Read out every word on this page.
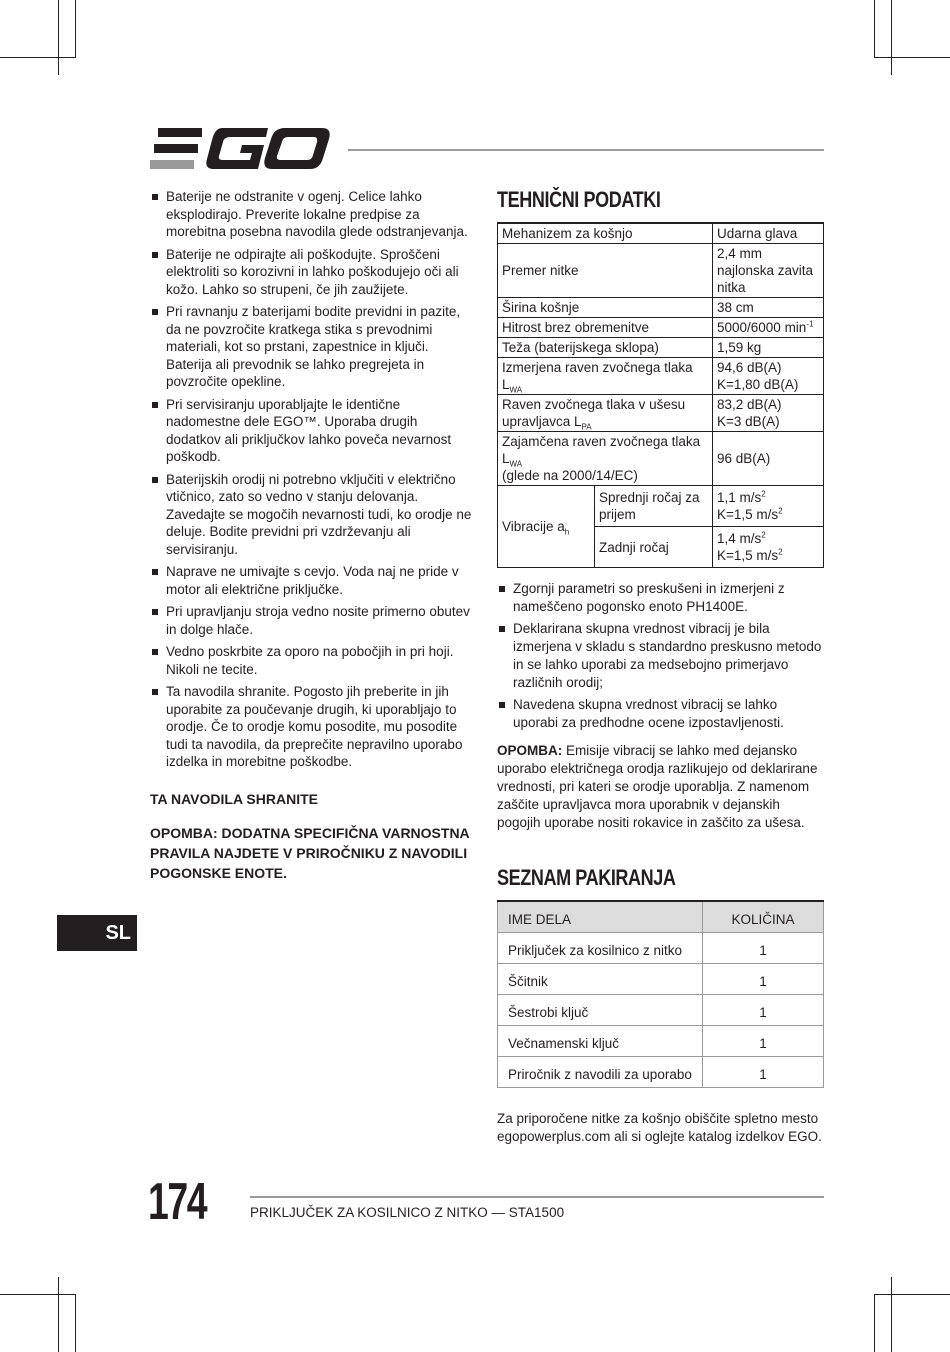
Baterije ne odstranite v ogenj. Celice lahko eksplodirajo. Preverite lokalne predpise za morebitna posebna navodila glede odstranjevanja.
Baterije ne odpirajte ali poškodujte. Sproščeni elektroliti so korozivni in lahko poškodujejo oči ali kožo. Lahko so strupeni, če jih zaužijete.
Pri ravnanju z baterijami bodite previdni in pazite, da ne povzročite kratkega stika s prevodnimi materiali, kot so prstani, zapestnice in ključi. Baterija ali prevodnik se lahko pregrejeta in povzročite opekline.
Pri servisiranju uporabljajte le identične nadomestne dele EGO™. Uporaba drugih dodatkov ali priključkov lahko poveča nevarnost poškodb.
Baterijskih orodij ni potrebno vključiti v električno vtičnico, zato so vedno v stanju delovanja. Zavedajte se mogočih nevarnosti tudi, ko orodje ne deluje. Bodite previdni pri vzdrževanju ali servisiranju.
Naprave ne umivajte s cevjo. Voda naj ne pride v motor ali električne priključke.
Pri upravljanju stroja vedno nosite primerno obutev in dolge hlače.
Vedno poskrbite za oporo na pobočjih in pri hoji. Nikoli ne tecite.
Ta navodila shranite. Pogosto jih preberite in jih uporabite za poučevanje drugih, ki uporabljajo to orodje. Če to orodje komu posodite, mu posodite tudi ta navodila, da preprečite nepravilno uporabo izdelka in morebitne poškodbe.
TA NAVODILA SHRANITE
OPOMBA: DODATNA SPECIFIČNA VARNOSTNA PRAVILA NAJDETE V PRIROČNIKU Z NAVODILI POGONSKE ENOTE.
TEHNIČNI PODATKI
Mehanizem za košnjo		Udarna glava
Premer nitke		2,4 mm najlonska zavita nitka
Širina košnje		38 cm
Hitrost brez obremenitve		5000/6000 $\min^{-1}$
Teža (baterijskega sklopa)		1,59 kg
Izmerjena raven zvočnega tlaka $L_{WA}$		94,6 dB(A)
K=1,80 dB(A)

Raven zvočnega tlaka v ušesu upravljavca $L_{PA}$		83,2 dB(A)
K=3 dB(A)

Zajamčena raven zvočnega tlaka $L_{WA}$
(glede na 2000/14/EC)		96 dB(A)
Vibracije $a_h$	Sprednji ročaj za prijem	1,1 $m/s^2$
K=1,5 $m/s^2$

	Zadnji ročaj	1,4 $m/s^2$
K=1,5 $m/s^2$
Zgornji parametri so preskušeni in izmerjeni z nameščeno pogonsko enoto PH1400E.
Deklarirana skupna vrednost vibracij je bila izmerjena v skladu s standardno preskusno metodo in se lahko uporabi za medsebojno primerjavo različnih orodij;
Navedena skupna vrednost vibracij se lahko uporabi za predhodne ocene izpostavljenosti.
OPOMBA: Emisije vibracij se lahko med dejansko uporabo električnega orodja razlikujejo od deklarirane vrednosti, pri kateri se orodje uporablja. Z namenom zaščite upravljavca mora uporabnik v dejanskih pogojih uporabe nositi rokavice in zaščito za ušesa.
SEZNAM PAKIRANJA
IME DELA	KOLIČINA
Priključek za kosilnico z nitko	1
Ščitnik	1
Šestrobi ključ	1
Večnamenski ključ	1
Priročnik z navodili za uporabo	1
Za priporočene nitke za košnjo obiščite spletno mesto egopowerplus.com ali si oglejte katalog izdelkov EGO.
SL
174	PRIKLJUČEK ZA KOSILNICO Z NITKO — STA1500
